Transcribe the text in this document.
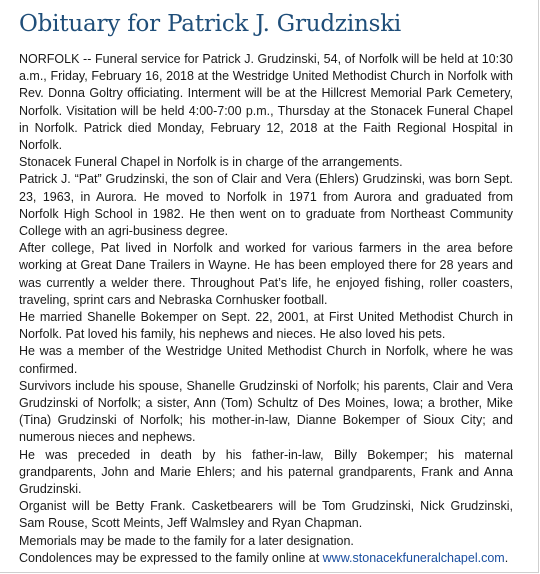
Obituary for Patrick J. Grudzinski

NORFOLK -- Funeral service for Patrick J. Grudzinski, 54, of Norfolk will be held at 10:30 a.m., Friday, February 16, 2018 at the Westridge United Methodist Church in Norfolk with Rev. Donna Goltry officiating. Interment will be at the Hillcrest Memorial Park Cemetery, Norfolk. Visitation will be held 4:00-7:00 p.m., Thursday at the Stonacek Funeral Chapel in Norfolk. Patrick died Monday, February 12, 2018 at the Faith Regional Hospital in Norfolk.

Stonacek Funeral Chapel in Norfolk is in charge of the arrangements.

Patrick J. “Pat” Grudzinski, the son of Clair and Vera (Ehlers) Grudzinski, was born Sept. 23, 1963, in Aurora. He moved to Norfolk in 1971 from Aurora and graduated from Norfolk High School in 1982. He then went on to graduate from Northeast Community College with an agri-business degree.

After college, Pat lived in Norfolk and worked for various farmers in the area before working at Great Dane Trailers in Wayne. He has been employed there for 28 years and was currently a welder there. Throughout Pat’s life, he enjoyed fishing, roller coasters, traveling, sprint cars and Nebraska Cornhusker football.

He married Shanelle Bokemper on Sept. 22, 2001, at First United Methodist Church in Norfolk. Pat loved his family, his nephews and nieces. He also loved his pets.

He was a member of the Westridge United Methodist Church in Norfolk, where he was confirmed.

Survivors include his spouse, Shanelle Grudzinski of Norfolk; his parents, Clair and Vera Grudzinski of Norfolk; a sister, Ann (Tom) Schultz of Des Moines, Iowa; a brother, Mike (Tina) Grudzinski of Norfolk; his mother-in-law, Dianne Bokemper of Sioux City; and numerous nieces and nephews.

He was preceded in death by his father-in-law, Billy Bokemper; his maternal grandparents, John and Marie Ehlers; and his paternal grandparents, Frank and Anna Grudzinski.

Organist will be Betty Frank. Casketbearers will be Tom Grudzinski, Nick Grudzinski, Sam Rouse, Scott Meints, Jeff Walmsley and Ryan Chapman.

Memorials may be made to the family for a later designation.

Condolences may be expressed to the family online at www.stonacekfuneralchapel.com.
